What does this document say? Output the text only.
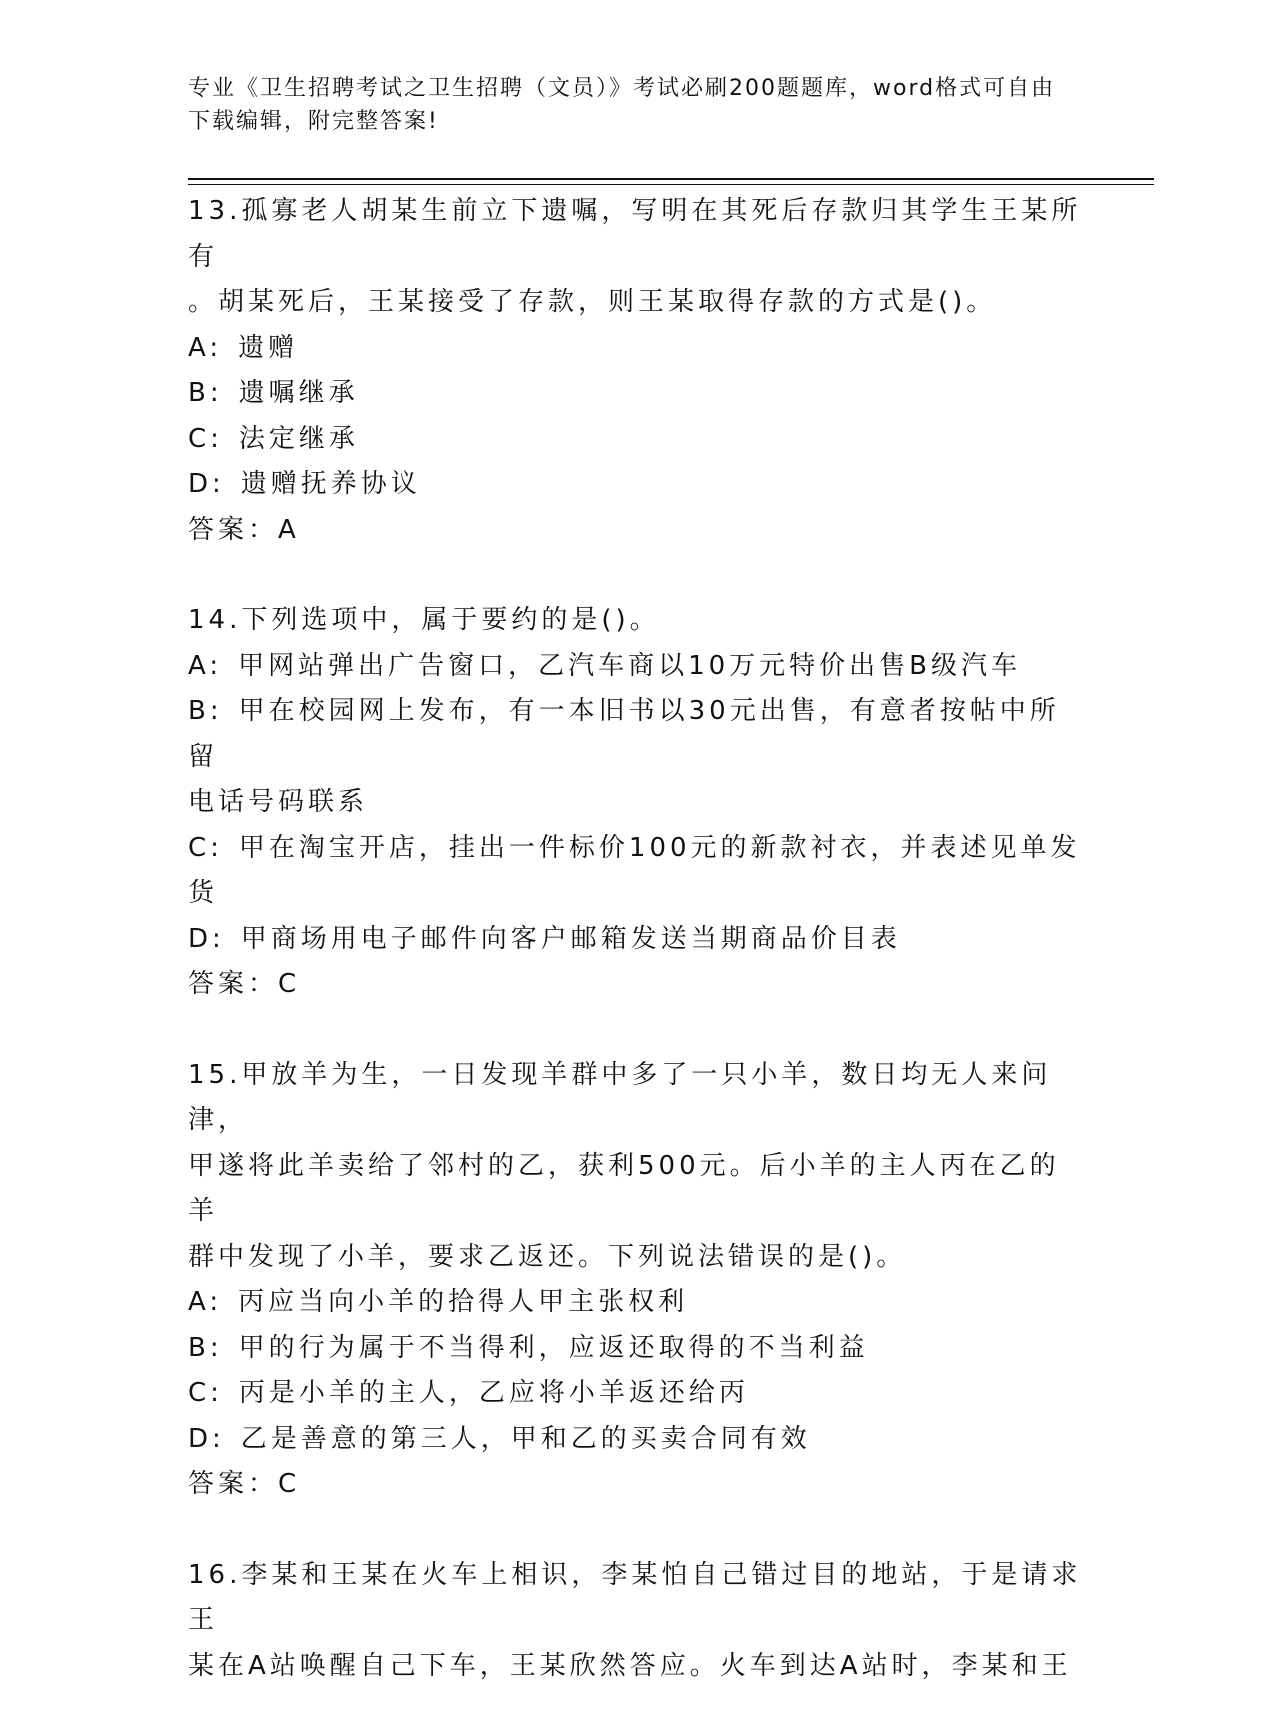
专业《卫生招聘考试之卫生招聘（文员）》考试必刷200题题库，word格式可自由下载编辑，附完整答案!
13.孤寡老人胡某生前立下遗嘱，写明在其死后存款归其学生王某所有
。胡某死后，王某接受了存款，则王某取得存款的方式是()。
A: 遗赠
B: 遗嘱继承
C: 法定继承
D: 遗赠抚养协议
答案：A
14.下列选项中，属于要约的是()。
A: 甲网站弹出广告窗口，乙汽车商以10万元特价出售B级汽车
B: 甲在校园网上发布，有一本旧书以30元出售，有意者按帖中所留
电话号码联系
C: 甲在淘宝开店，挂出一件标价100元的新款衬衣，并表述见单发货
D: 甲商场用电子邮件向客户邮箱发送当期商品价目表
答案：C
15.甲放羊为生，一日发现羊群中多了一只小羊，数日均无人来问津，
甲遂将此羊卖给了邻村的乙，获利500元。后小羊的主人丙在乙的羊
群中发现了小羊，要求乙返还。下列说法错误的是()。
A: 丙应当向小羊的拾得人甲主张权利
B: 甲的行为属于不当得利，应返还取得的不当利益
C: 丙是小羊的主人，乙应将小羊返还给丙
D: 乙是善意的第三人，甲和乙的买卖合同有效
答案：C
16.李某和王某在火车上相识，李某怕自己错过目的地站，于是请求王
某在A站唤醒自己下车，王某欣然答应。火车到达A站时，李某和王
